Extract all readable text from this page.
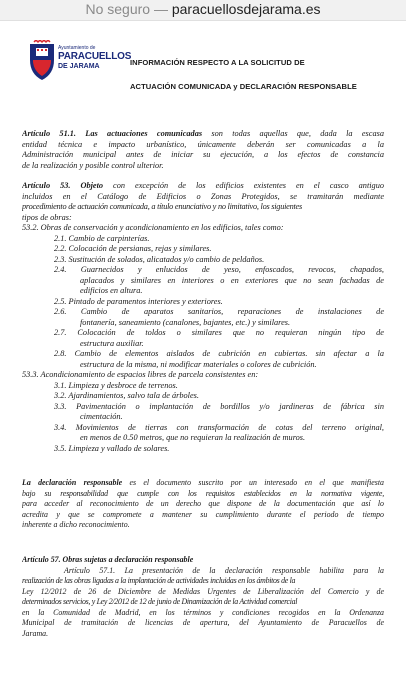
No seguro — paracuellosdejarama.es
Ayuntamiento de
PARACUELLOS
DE JARAMA	INFORMACIÓN RESPECTO A LA SOLICITUD DE
ACTUACIÓN COMUNICADA y DECLARACIÓN RESPONSABLE
Artículo 51.1. Las actuaciones comunicadas son todas aquellas que, dada la escasa
entidad técnica e impacto urbanístico, únicamente deberán ser comunicadas a la
Administración municipal antes de iniciar su ejecución, a los efectos de constancia
de la realización y posible control ulterior.
Artículo 53. Objeto con excepción de los edificios existentes en el casco antiguo
incluidos en el Catálogo de Edificios o Zonas Protegidos, se tramitarán mediante
procedimiento de actuación comunicada, a título enunciativo y no limitativo, los siguientes
tipos de obras:
53.2. Obras de conservación y acondicionamiento en los edificios, tales como:
2.1. Cambio de carpinterías.
2.2. Colocación de persianas, rejas y similares.
2.3. Sustitución de solados, alicatados y/o cambio de peldaños.
2.4. Guarnecidos y enlucidos de yeso, enfoscados, revocos, chapados,
aplacados y similares en interiores o en exteriores que no sean fachadas de
edificios en altura.
2.5. Pintado de paramentos interiores y exteriores.
2.6. Cambio de aparatos sanitarios, reparaciones de instalaciones de
fontanería, saneamiento (canalones, bajantes, etc.) y similares.
2.7. Colocación de toldos o similares que no requieran ningún tipo de
estructura auxiliar.
2.8. Cambio de elementos aislados de cubrición en cubiertas. sin afectar a la
estructura de la misma, ni modificar materiales o colores de cubrición.
53.3. Acondicionamiento de espacios libres de parcela consistentes en:
3.1. Limpieza y desbroce de terrenos.
3.2. Ajardinamientos, salvo tala de árboles.
3.3. Pavimentación o implantación de bordillos y/o jardineras de fábrica sin
cimentación.
3.4. Movimientos de tierras con transformación de cotas del terreno original,
en menos de 0.50 metros, que no requieran la realización de muros.
3.5. Limpieza y vallado de solares.
La declaración responsable es el documento suscrito por un interesado en el que manifiesta
bajo su responsabilidad que cumple con los requisitos establecidos en la normativa vigente,
para acceder al reconocimiento de un derecho que dispone de la documentación que así lo
acredita y que se compromete a mantener su cumplimiento durante el periodo de tiempo
inherente a dicho reconocimiento.
Artículo 57. Obras sujetas a declaración responsable
Artículo 57.1. La presentación de la declaración responsable habilita para la
realización de las obras ligadas a la implantación de actividades incluidas en los ámbitos de la
Ley 12/2012 de 26 de Diciembre de Medidas Urgentes de Liberalización del Comercio y de
determinados servicios, y Ley 2/2012 de 12 de junio de Dinamización de la Actividad comercial
en la Comunidad de Madrid, en los términos y condiciones recogidos en la Ordenanza
Municipal de tramitación de licencias de apertura, del Ayuntamiento de Paracuellos de
Jarama.
